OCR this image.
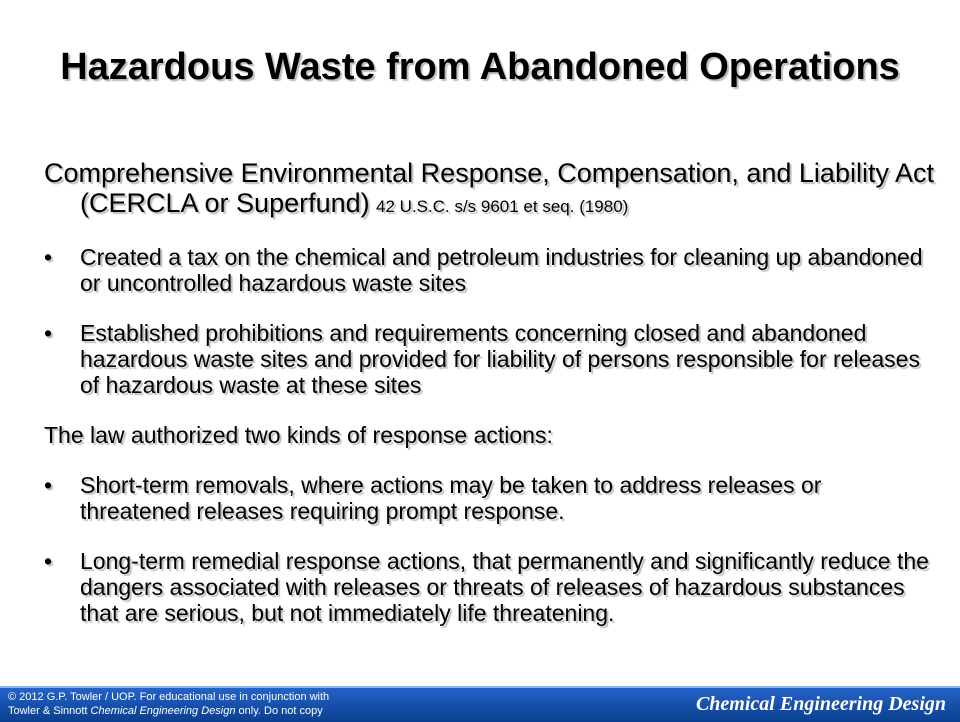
Hazardous Waste from Abandoned Operations

Comprehensive Environmental Response, Compensation, and Liability Act (CERCLA or Superfund) 42 U.S.C. s/s 9601 et seq. (1980)

•	Created a tax on the chemical and petroleum industries for cleaning up abandoned or uncontrolled hazardous waste sites
•	Established prohibitions and requirements concerning closed and abandoned hazardous waste sites and provided for liability of persons responsible for releases of hazardous waste at these sites

The law authorized two kinds of response actions:

•	Short-term removals, where actions may be taken to address releases or threatened releases requiring prompt response.
•	Long-term remedial response actions, that permanently and significantly reduce the dangers associated with releases or threats of releases of hazardous substances that are serious, but not immediately life threatening.
© 2012 G.P. Towler / UOP. For educational use in conjunction with
Towler & Sinnott Chemical Engineering Design only. Do not copy	Chemical Engineering Design
